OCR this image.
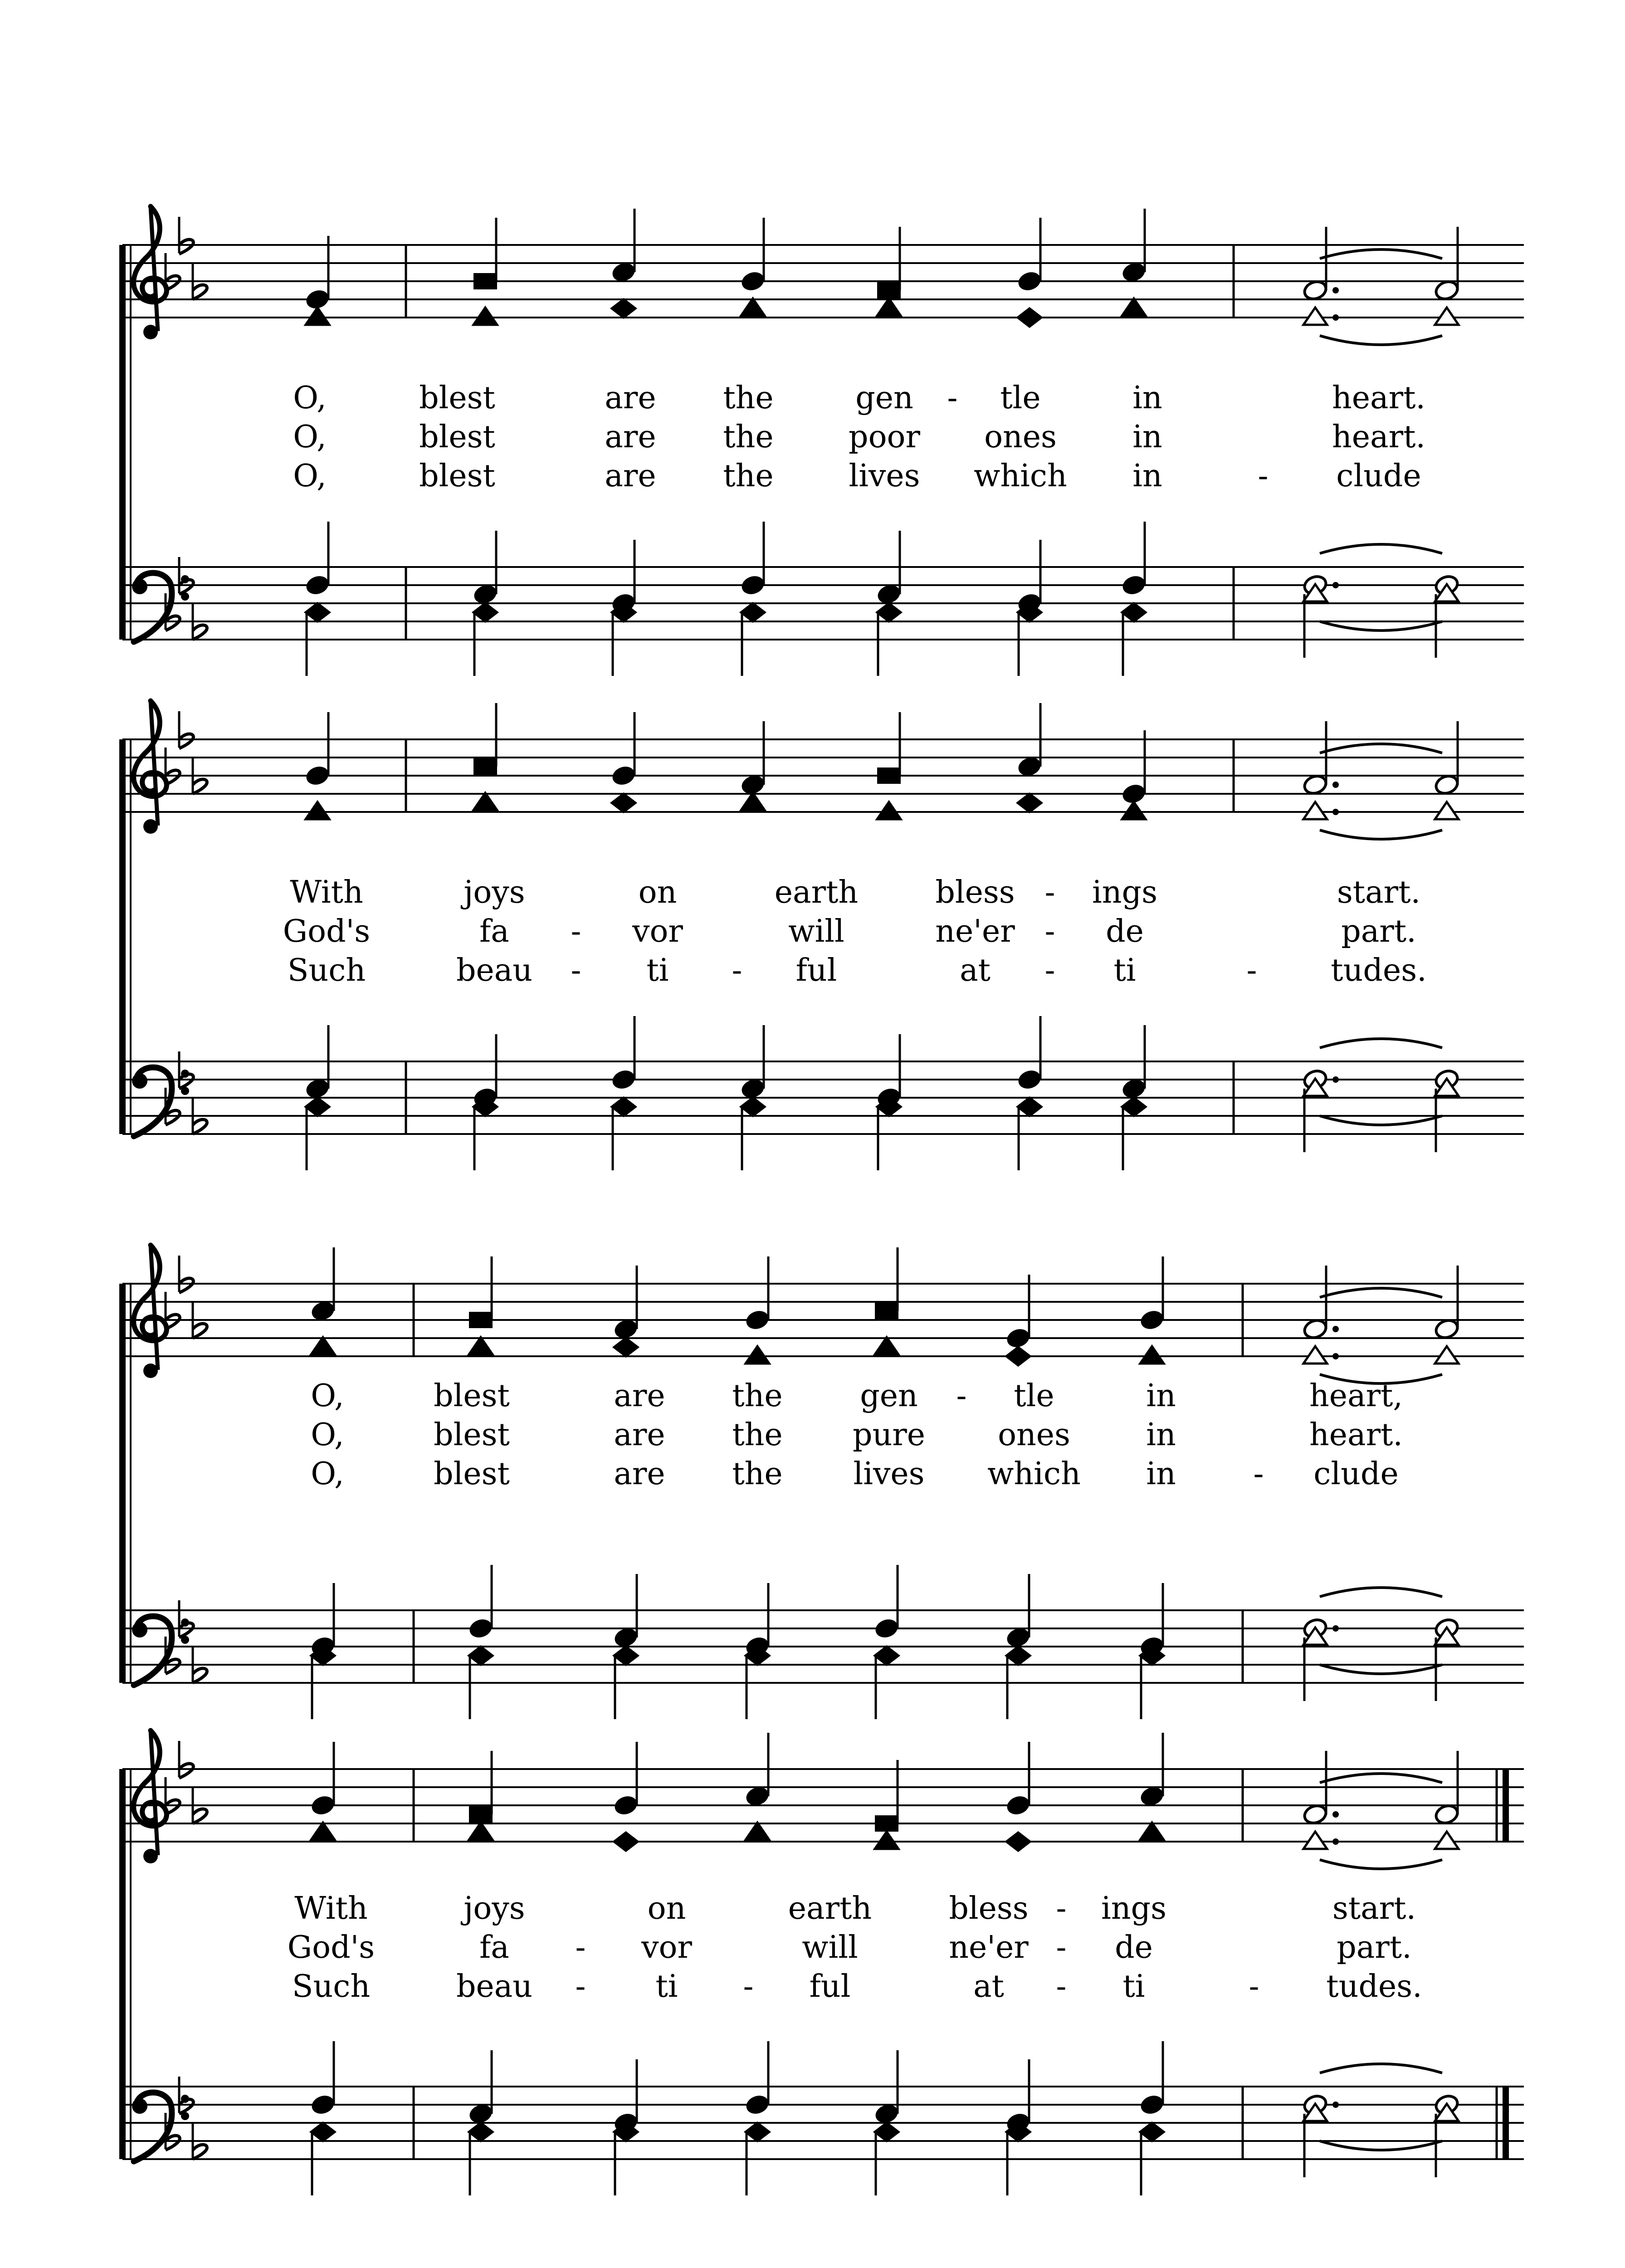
O,	blest	are the	gen	tle	in	heart.
-
O,	blest	are the poor ones in	heart.
O,	blest	are the lives which in	clude
-
With	joys	on	earth	bless	ings	start.
-
God's	fa	vor	will	ne'er	de	part.
-	-
Such	beau	ti	ful	at	ti	tudes.
-	-	-	-
O,	blest	are the	gen	tle	in	heart,
-
O,	blest	are the pure ones in	heart.
O,	blest	are the lives which in	clude
-
With	joys	on	earth	bless ings	start.
-
God's	fa	vor	will	ne'er	de	part.
-	-
Such	beau	ti	ful	at	ti	tudes.
-	-	-	-
